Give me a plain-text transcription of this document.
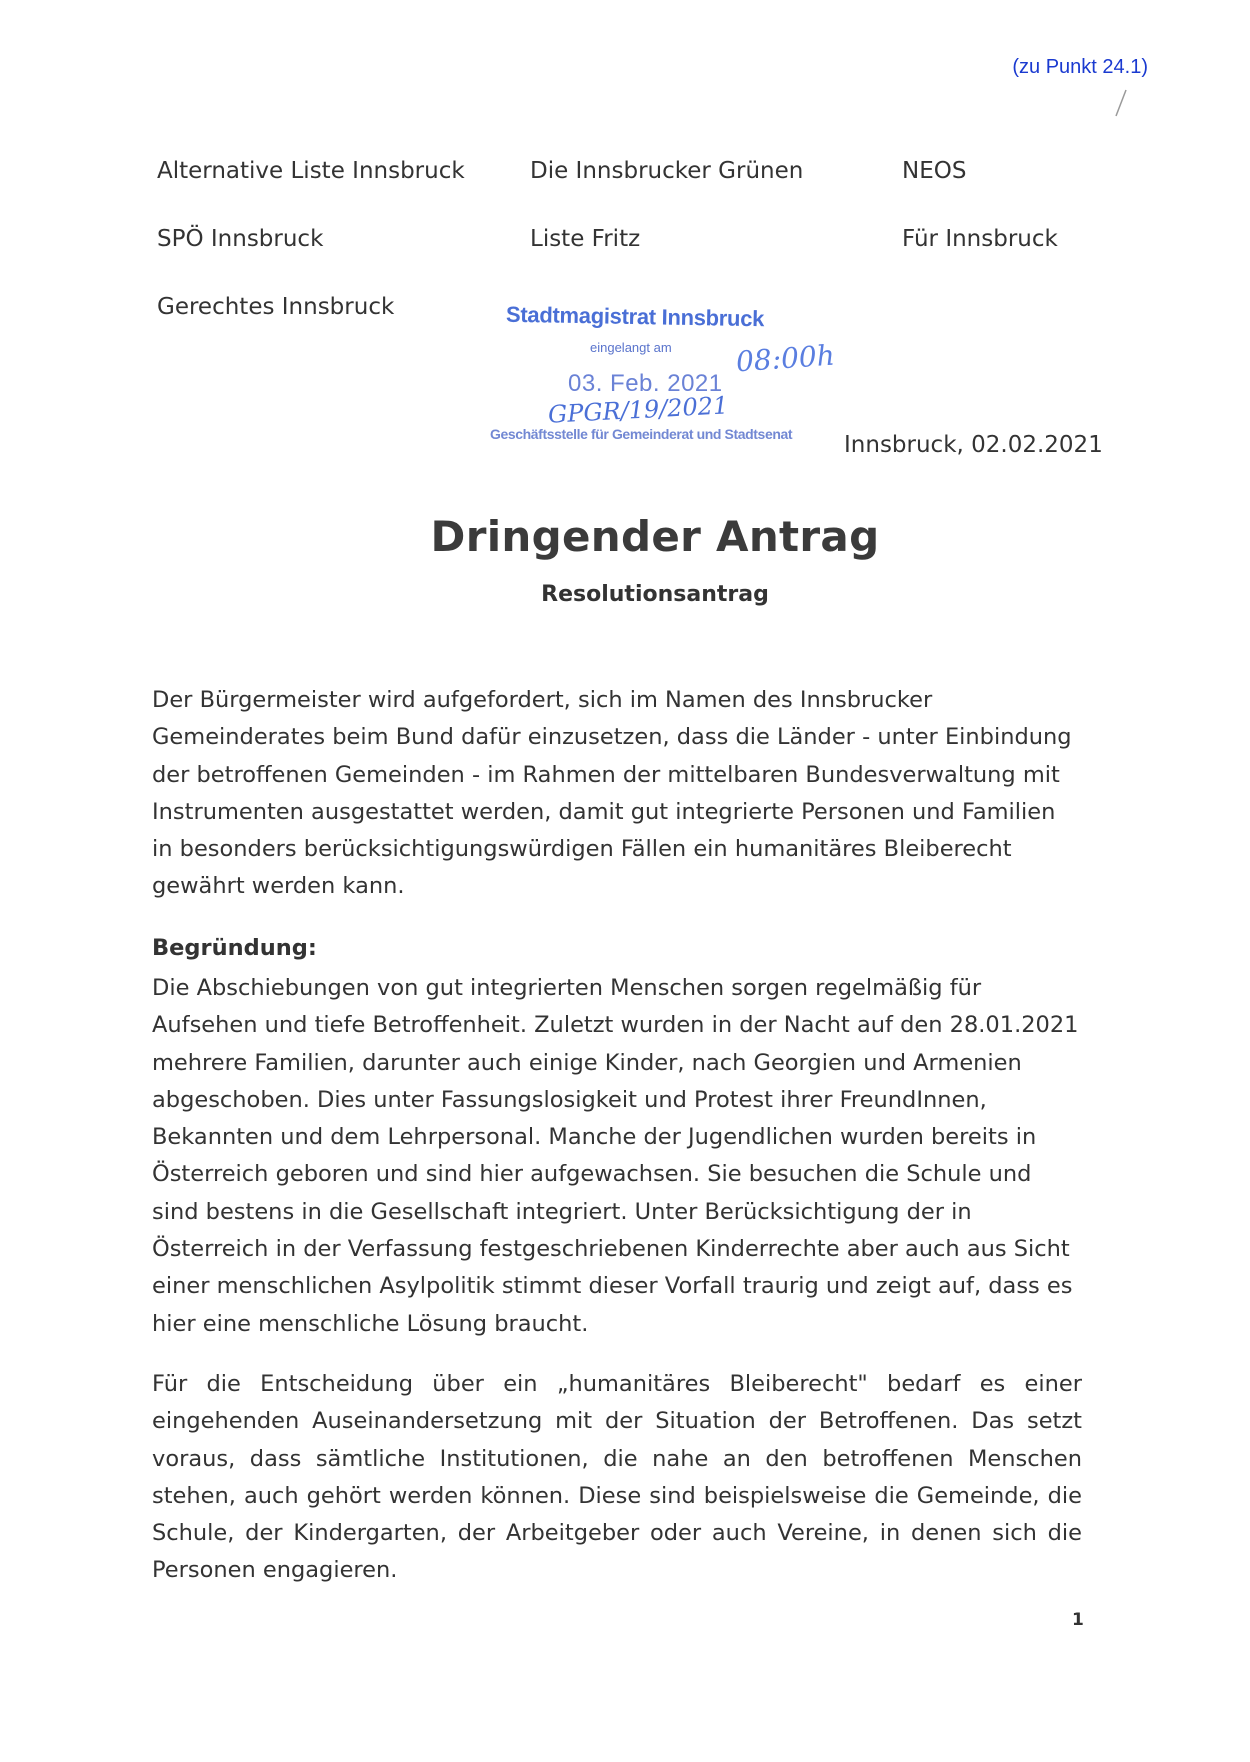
(zu Punkt 24.1)
Alternative Liste Innsbruck	Die Innsbrucker Grünen	NEOS
SPÖ Innsbruck	Liste Fritz	Für Innsbruck
Gerechtes Innsbruck	Stadtmagistrat Innsbruck
eingelangt am 08:00h
03. Feb. 2021
GPGR/19/2021
Geschäftsstelle für Gemeinderat und Stadtsenat Innsbruck, 02.02.2021
Dringender Antrag
Resolutionsantrag

Der Bürgermeister wird aufgefordert, sich im Namen des Innsbrucker Gemeinderates beim Bund dafür einzusetzen, dass die Länder - unter Einbindung der betroffenen Gemeinden - im Rahmen der mittelbaren Bundesverwaltung mit Instrumenten ausgestattet werden, damit gut integrierte Personen und Familien in besonders berücksichtigungswürdigen Fällen ein humanitäres Bleiberecht gewährt werden kann.

Begründung:

Die Abschiebungen von gut integrierten Menschen sorgen regelmäßig für Aufsehen und tiefe Betroffenheit. Zuletzt wurden in der Nacht auf den 28.01.2021 mehrere Familien, darunter auch einige Kinder, nach Georgien und Armenien abgeschoben. Dies unter Fassungslosigkeit und Protest ihrer FreundInnen, Bekannten und dem Lehrpersonal. Manche der Jugendlichen wurden bereits in Österreich geboren und sind hier aufgewachsen. Sie besuchen die Schule und sind bestens in die Gesellschaft integriert. Unter Berücksichtigung der in Österreich in der Verfassung festgeschriebenen Kinderrechte aber auch aus Sicht einer menschlichen Asylpolitik stimmt dieser Vorfall traurig und zeigt auf, dass es hier eine menschliche Lösung braucht.

Für die Entscheidung über ein „humanitäres Bleiberecht" bedarf es einer eingehenden Auseinandersetzung mit der Situation der Betroffenen. Das setzt voraus, dass sämtliche Institutionen, die nahe an den betroffenen Menschen stehen, auch gehört werden können. Diese sind beispielsweise die Gemeinde, die Schule, der Kindergarten, der Arbeitgeber oder auch Vereine, in denen sich die Personen engagieren.

1
